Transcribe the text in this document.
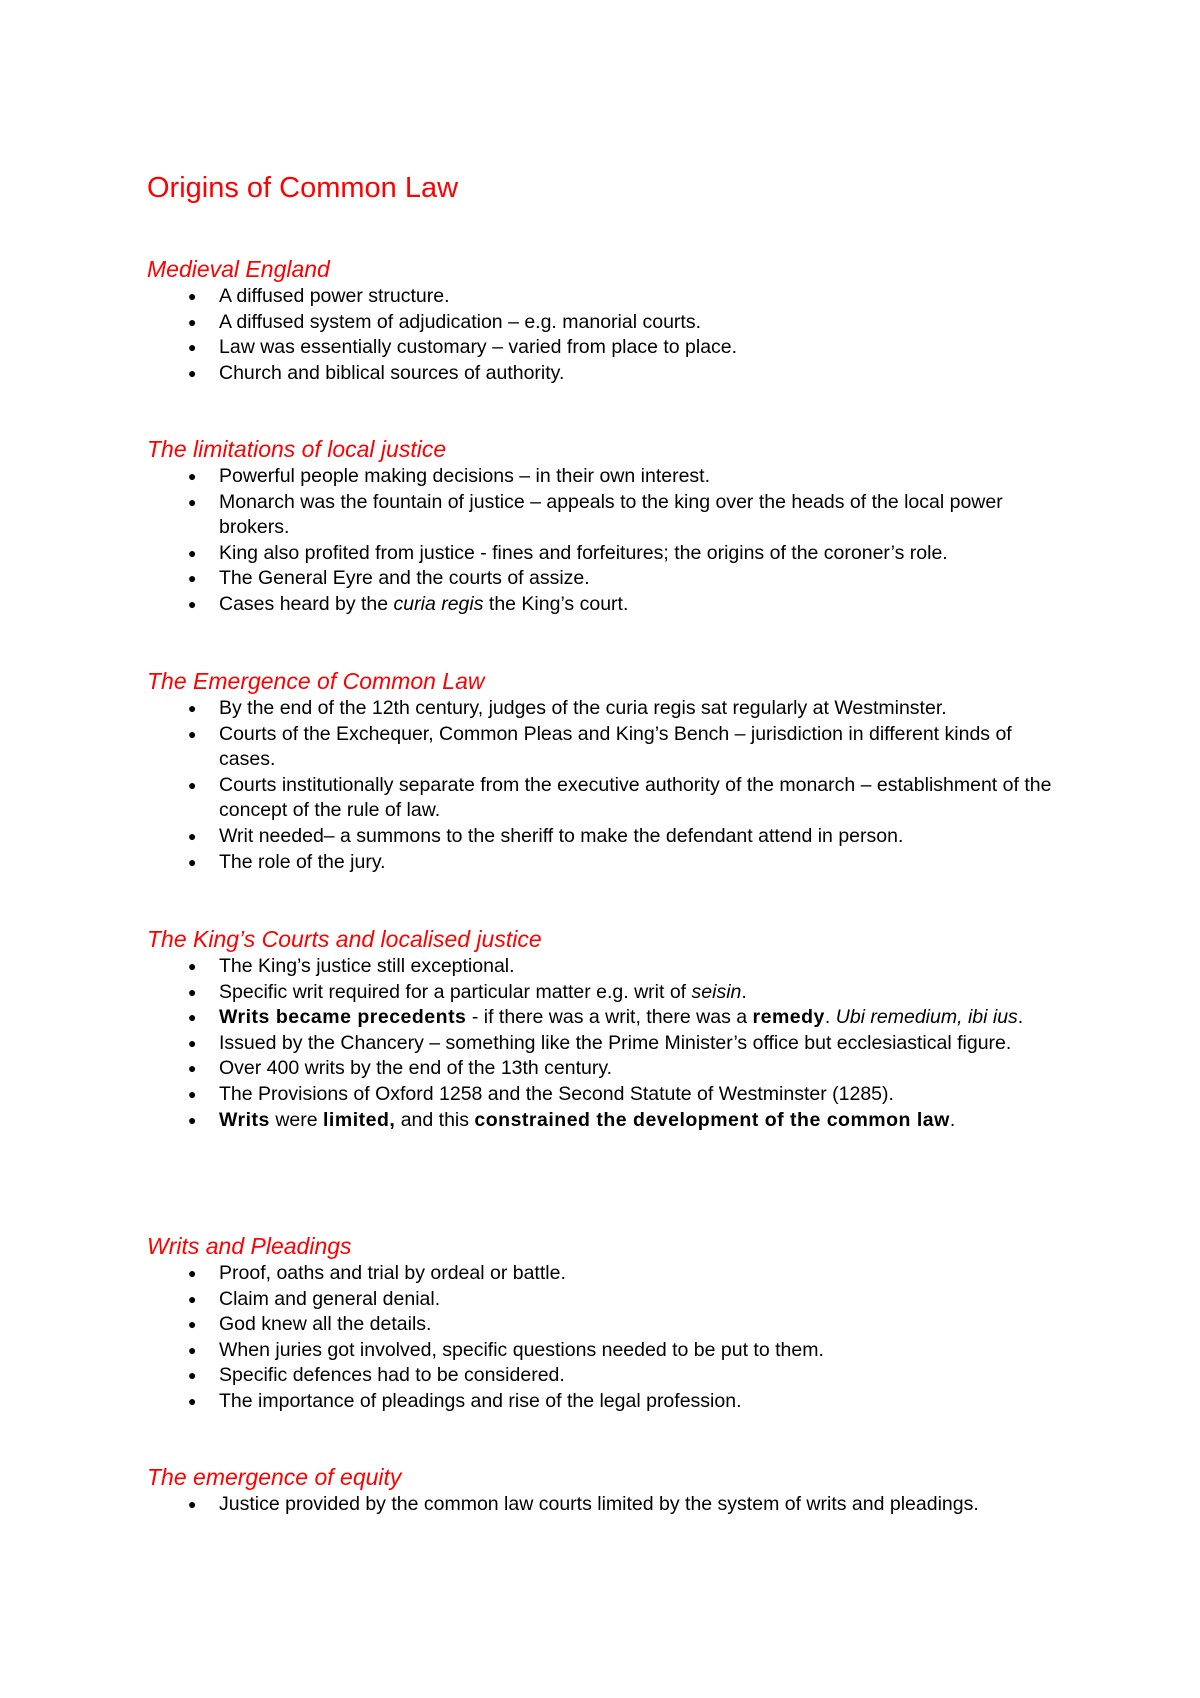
Origins of Common Law
Medieval England
● A diffused power structure.
● A diffused system of adjudication – e.g. manorial courts.
● Law was essentially customary – varied from place to place.
● Church and biblical sources of authority.
The limitations of local justice
● Powerful people making decisions – in their own interest.
● Monarch was the fountain of justice – appeals to the king over the heads of the local power brokers.
● King also profited from justice - fines and forfeitures; the origins of the coroner’s role.
● The General Eyre and the courts of assize.
● Cases heard by the curia regis the King’s court.
The Emergence of Common Law
● By the end of the 12th century, judges of the curia regis sat regularly at Westminster.
● Courts of the Exchequer, Common Pleas and King’s Bench – jurisdiction in different kinds of cases.
● Courts institutionally separate from the executive authority of the monarch – establishment of the concept of the rule of law.
● Writ needed– a summons to the sheriff to make the defendant attend in person.
● The role of the jury.
The King’s Courts and localised justice
● The King’s justice still exceptional.
● Specific writ required for a particular matter e.g. writ of seisin.
● Writs became precedents - if there was a writ, there was a remedy. Ubi remedium, ibi ius.
● Issued by the Chancery – something like the Prime Minister’s office but ecclesiastical figure.
● Over 400 writs by the end of the 13th century.
● The Provisions of Oxford 1258 and the Second Statute of Westminster (1285).
● Writs were limited, and this constrained the development of the common law.
Writs and Pleadings
● Proof, oaths and trial by ordeal or battle.
● Claim and general denial.
● God knew all the details.
● When juries got involved, specific questions needed to be put to them.
● Specific defences had to be considered.
● The importance of pleadings and rise of the legal profession.
The emergence of equity
● Justice provided by the common law courts limited by the system of writs and pleadings.
